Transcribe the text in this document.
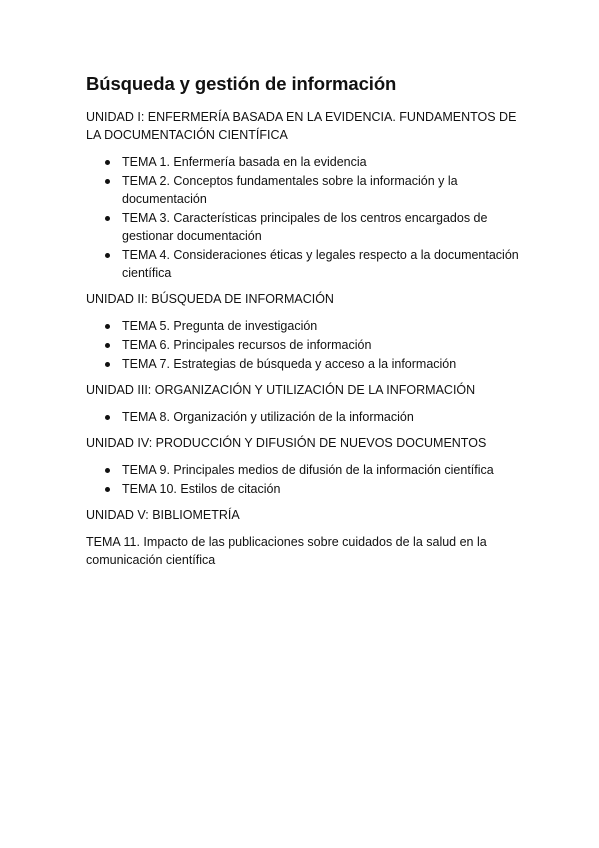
Búsqueda y gestión de información

UNIDAD I: ENFERMERÍA BASADA EN LA EVIDENCIA. FUNDAMENTOS DE LA DOCUMENTACIÓN CIENTÍFICA

TEMA 1. Enfermería basada en la evidencia
TEMA 2. Conceptos fundamentales sobre la información y la documentación
TEMA 3. Características principales de los centros encargados de gestionar documentación
TEMA 4. Consideraciones éticas y legales respecto a la documentación científica

UNIDAD II: BÚSQUEDA DE INFORMACIÓN

TEMA 5. Pregunta de investigación
TEMA 6. Principales recursos de información
TEMA 7. Estrategias de búsqueda y acceso a la información

UNIDAD III: ORGANIZACIÓN Y UTILIZACIÓN DE LA INFORMACIÓN

TEMA 8. Organización y utilización de la información

UNIDAD IV: PRODUCCIÓN Y DIFUSIÓN DE NUEVOS DOCUMENTOS

TEMA 9. Principales medios de difusión de la información científica
TEMA 10. Estilos de citación

UNIDAD V: BIBLIOMETRÍA

TEMA 11. Impacto de las publicaciones sobre cuidados de la salud en la comunicación científica
